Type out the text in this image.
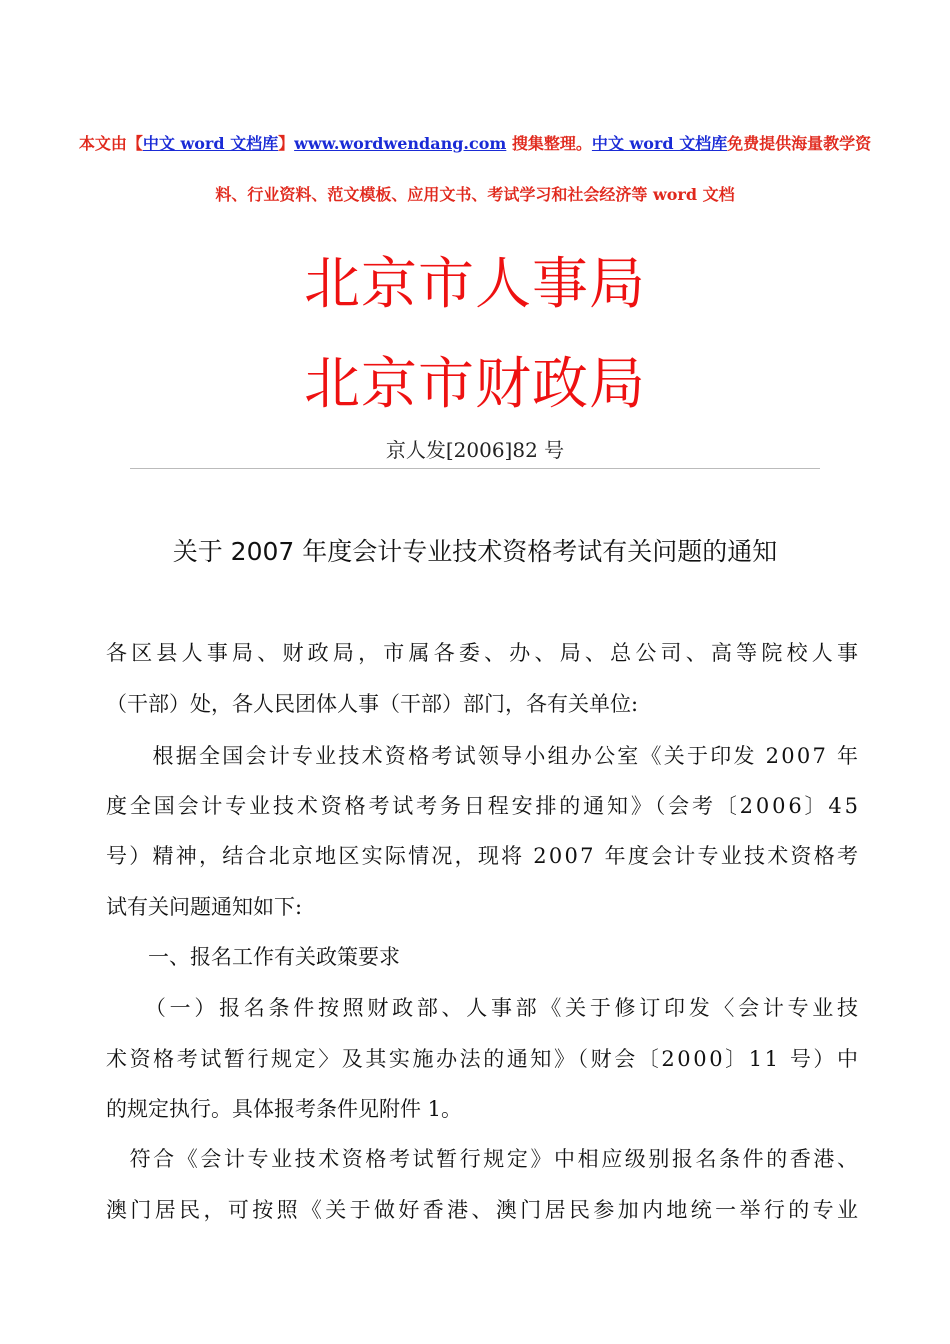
本文由【中文 word 文档库】www.wordwendang.com 搜集整理。中文 word 文档库免费提供海量教学资
料、行业资料、范文模板、应用文书、考试学习和社会经济等 word 文档
北京市人事局
北京市财政局
京人发[2006]82 号
关于 2007 年度会计专业技术资格考试有关问题的通知
各区县人事局、财政局，市属各委、办、局、总公司、高等院校人事
（干部）处，各人民团体人事（干部）部门，各有关单位:
　　根据全国会计专业技术资格考试领导小组办公室《关于印发 2007 年
度全国会计专业技术资格考试考务日程安排的通知》（会考〔2006〕45
号）精神，结合北京地区实际情况，现将 2007 年度会计专业技术资格考
试有关问题通知如下:
　　一、报名工作有关政策要求
　　（一）报名条件按照财政部、人事部《关于修订印发〈会计专业技
术资格考试暂行规定〉及其实施办法的通知》（财会〔2000〕11 号）中
的规定执行。具体报考条件见附件 1。
　符合《会计专业技术资格考试暂行规定》中相应级别报名条件的香港、
澳门居民，可按照《关于做好香港、澳门居民参加内地统一举行的专业
